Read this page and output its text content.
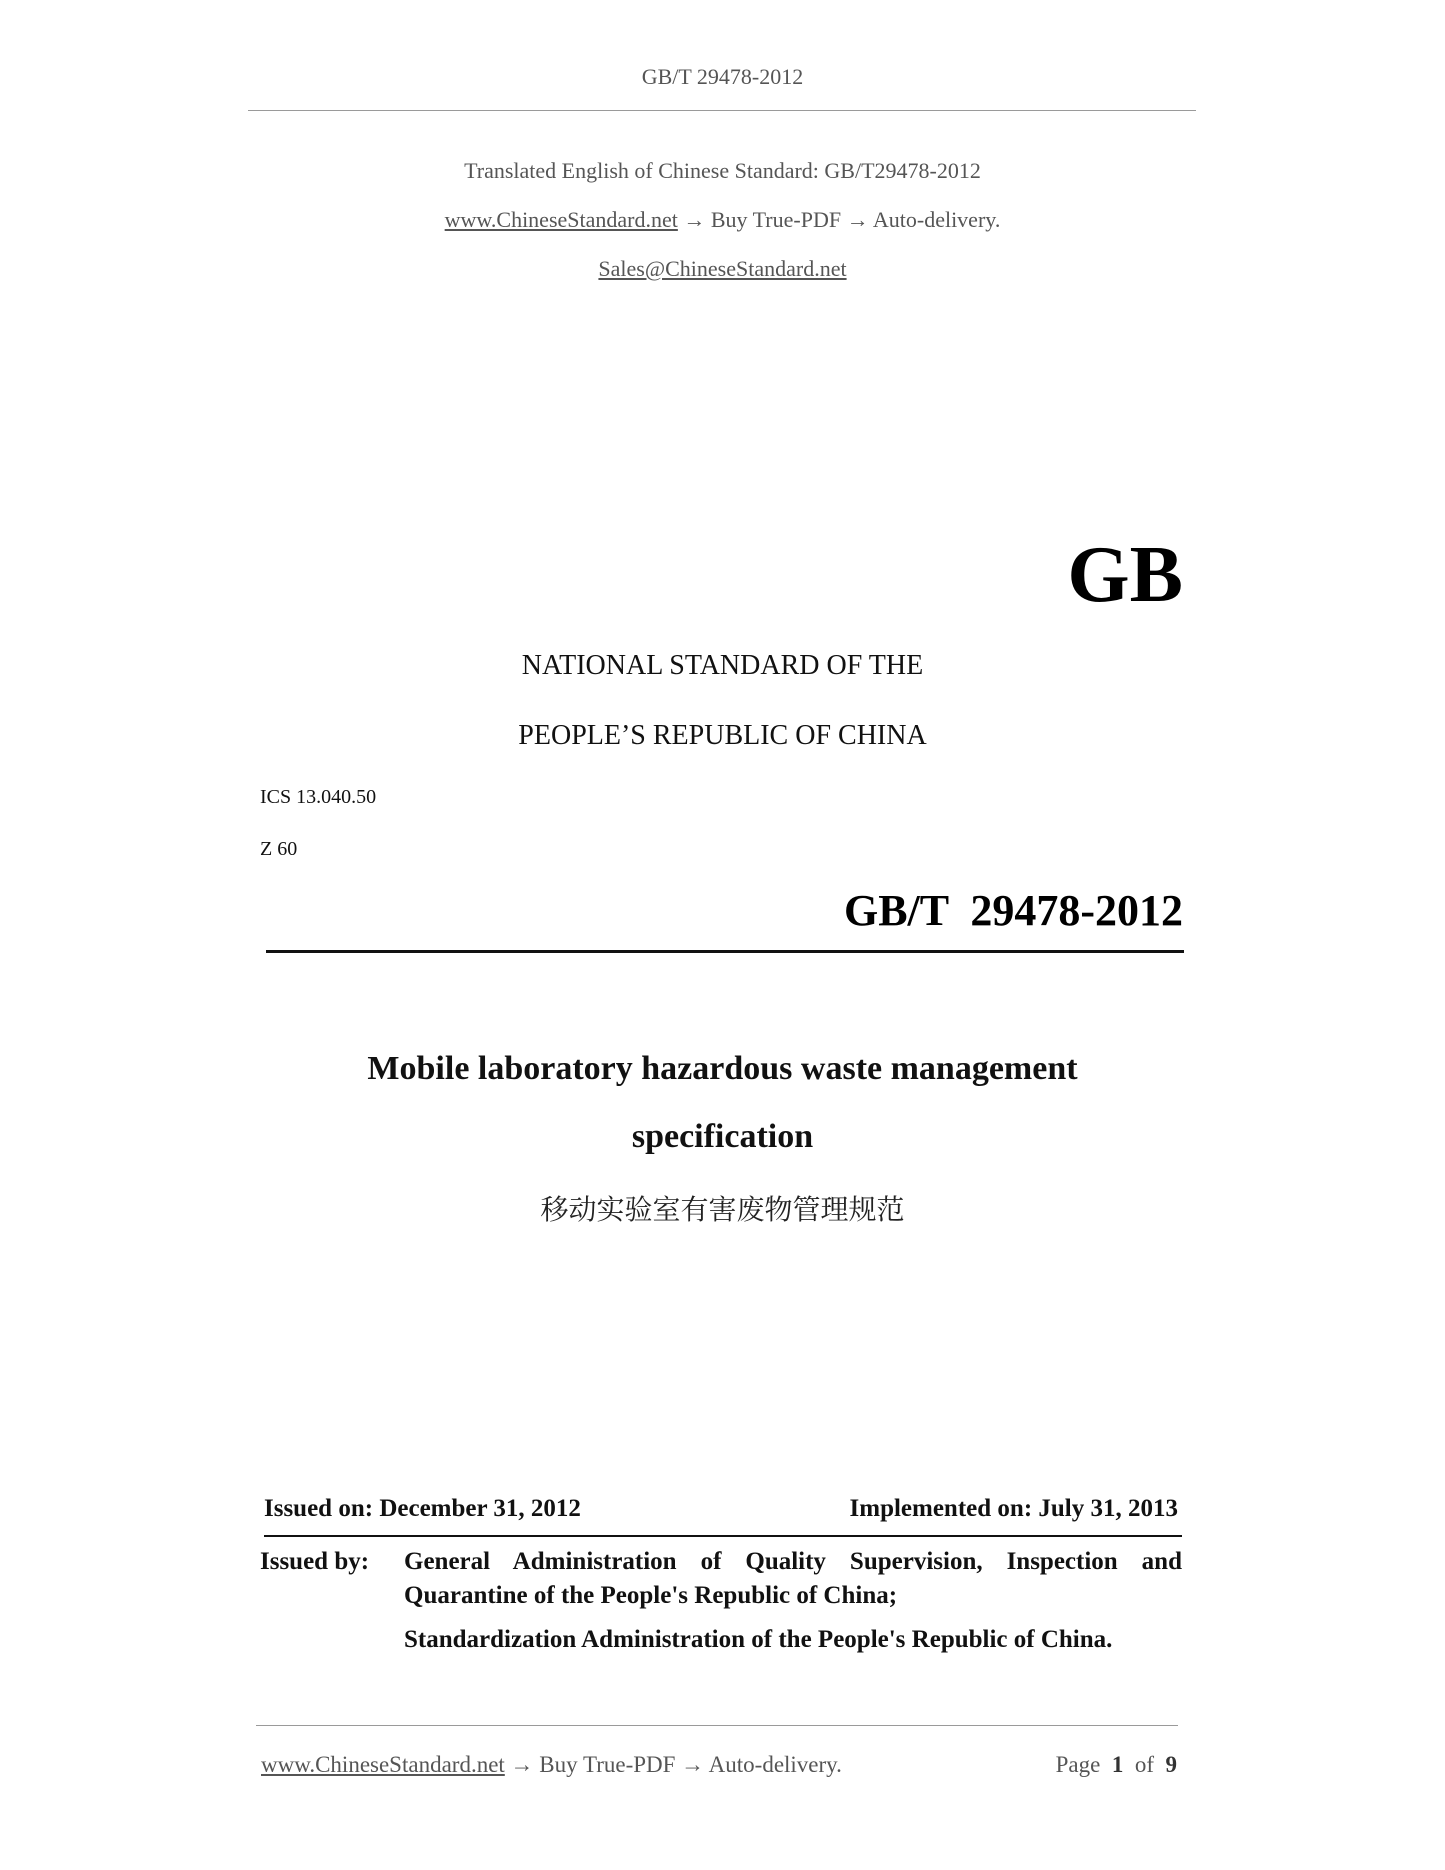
GB/T 29478-2012
Translated English of Chinese Standard: GB/T29478-2012
www.ChineseStandard.net → Buy True-PDF → Auto-delivery.
Sales@ChineseStandard.net
GB
NATIONAL STANDARD OF THE
PEOPLE’S REPUBLIC OF CHINA
ICS 13.040.50
Z 60
GB/T  29478-2012
Mobile laboratory hazardous waste management
specification
移动实验室有害废物管理规范
Issued on: December 31, 2012	Implemented on: July 31, 2013
Issued by: General Administration of Quality Supervision, Inspection and
Quarantine of the People's Republic of China;
Standardization Administration of the People's Republic of China.
www.ChineseStandard.net → Buy True-PDF → Auto-delivery.	Page 1 of 9
